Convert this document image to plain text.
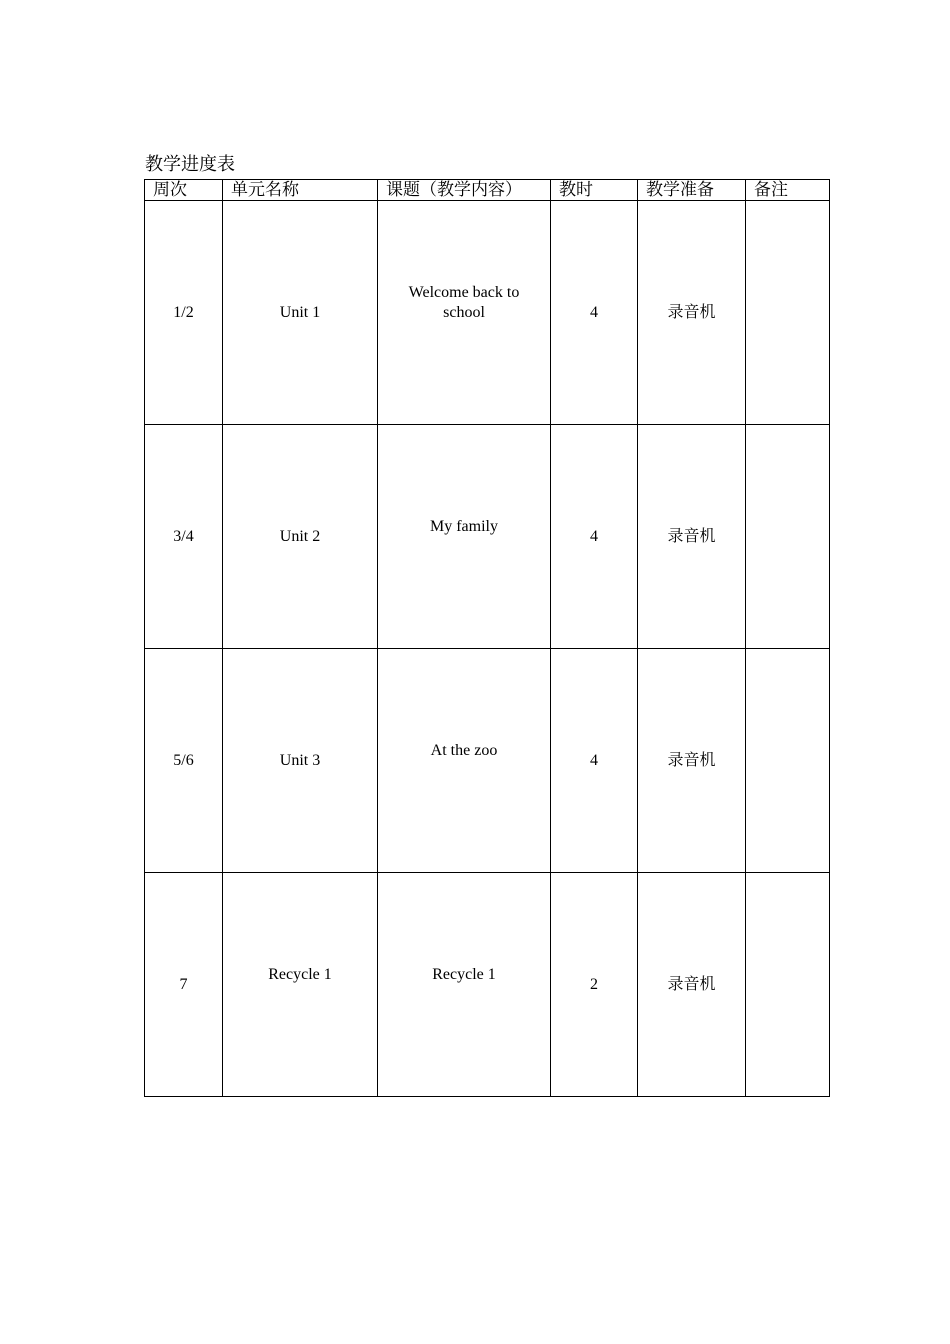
教学进度表
周次	单元名称	课题（教学内容）	教时	教学准备	备注
1/2	Unit 1	Welcome back to school	4	录音机	
3/4	Unit 2	My family	4	录音机	
5/6	Unit 3	At the zoo	4	录音机	
7	Recycle 1	Recycle 1	2	录音机	
